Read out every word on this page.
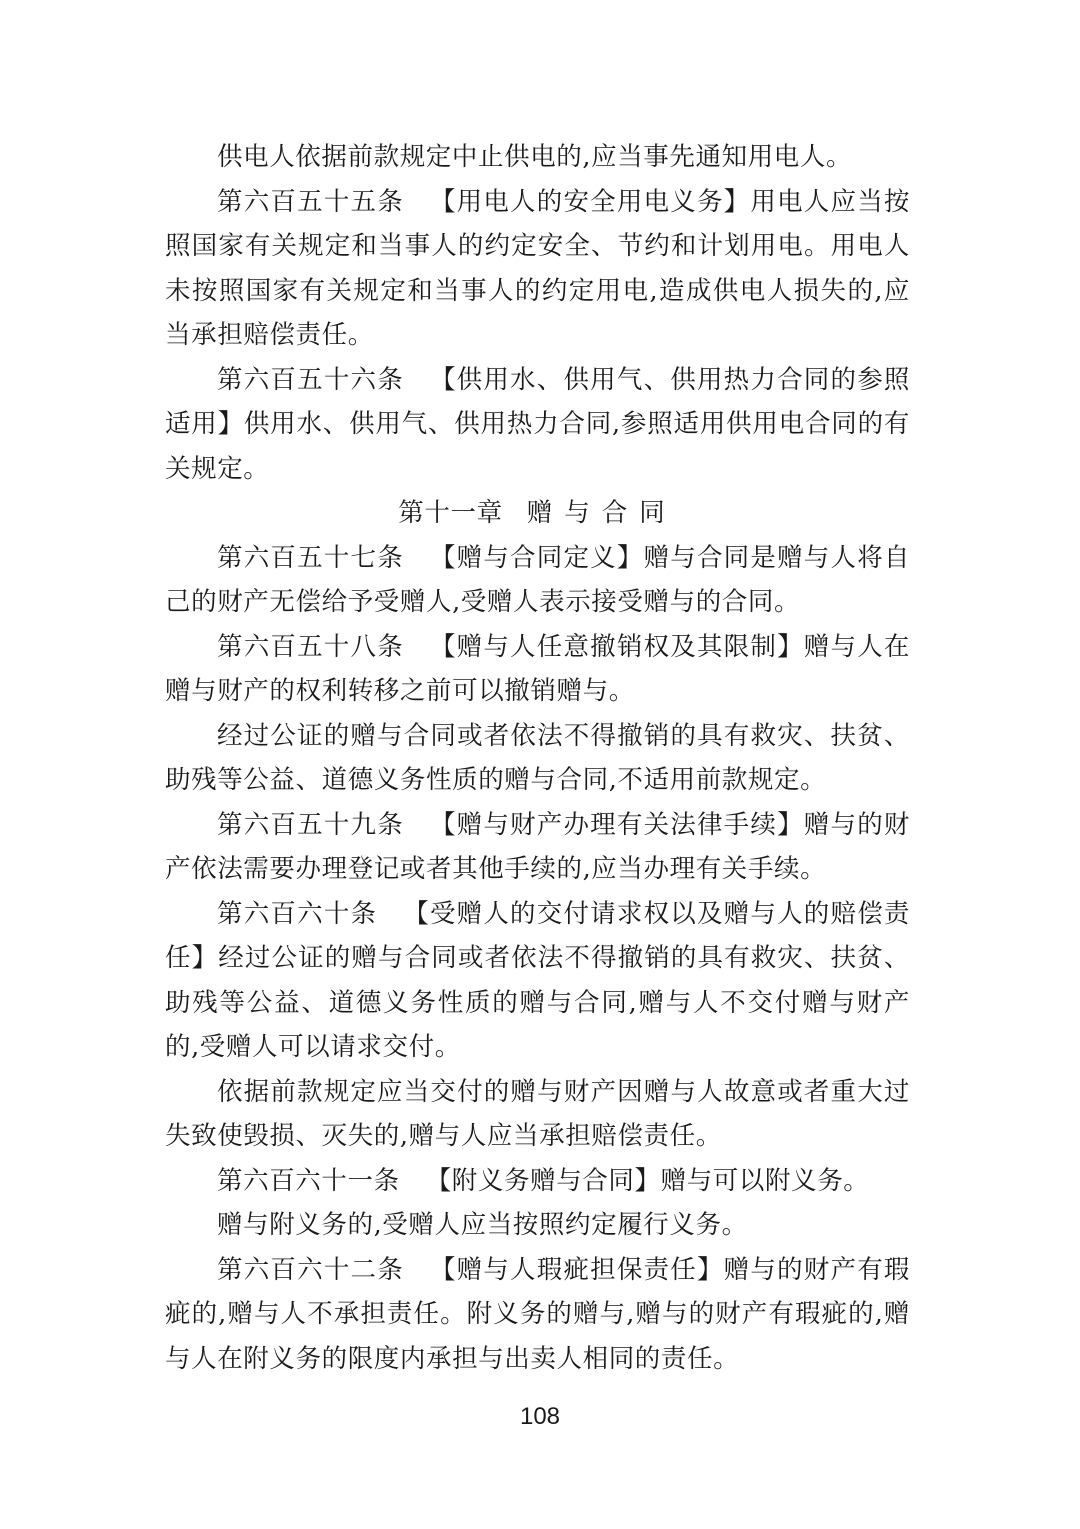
供电人依据前款规定中止供电的,应当事先通知用电人。

第六百五十五条 【用电人的安全用电义务】用电人应当按照国家有关规定和当事人的约定安全、节约和计划用电。用电人未按照国家有关规定和当事人的约定用电,造成供电人损失的,应当承担赔偿责任。

第六百五十六条 【供用水、供用气、供用热力合同的参照适用】供用水、供用气、供用热力合同,参照适用供用电合同的有关规定。

第十一章 赠与合同

第六百五十七条 【赠与合同定义】赠与合同是赠与人将自己的财产无偿给予受赠人,受赠人表示接受赠与的合同。

第六百五十八条 【赠与人任意撤销权及其限制】赠与人在赠与财产的权利转移之前可以撤销赠与。

经过公证的赠与合同或者依法不得撤销的具有救灾、扶贫、助残等公益、道德义务性质的赠与合同,不适用前款规定。

第六百五十九条 【赠与财产办理有关法律手续】赠与的财产依法需要办理登记或者其他手续的,应当办理有关手续。

第六百六十条 【受赠人的交付请求权以及赠与人的赔偿责任】经过公证的赠与合同或者依法不得撤销的具有救灾、扶贫、助残等公益、道德义务性质的赠与合同,赠与人不交付赠与财产的,受赠人可以请求交付。

依据前款规定应当交付的赠与财产因赠与人故意或者重大过失致使毁损、灭失的,赠与人应当承担赔偿责任。

第六百六十一条 【附义务赠与合同】赠与可以附义务。

赠与附义务的,受赠人应当按照约定履行义务。

第六百六十二条 【赠与人瑕疵担保责任】赠与的财产有瑕疵的,赠与人不承担责任。附义务的赠与,赠与的财产有瑕疵的,赠与人在附义务的限度内承担与出卖人相同的责任。

108
